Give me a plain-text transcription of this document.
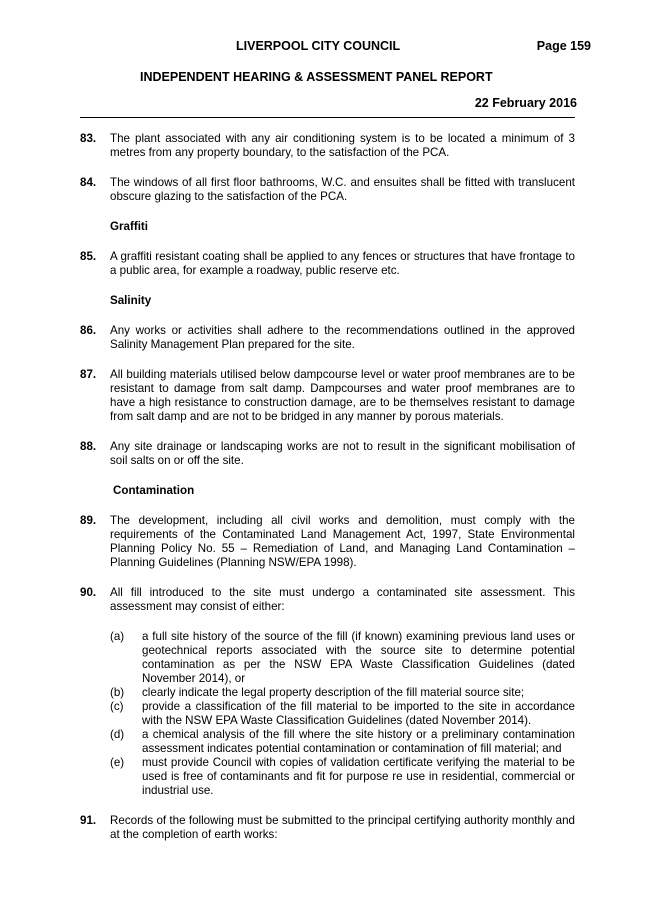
LIVERPOOL CITY COUNCIL	Page 159
INDEPENDENT HEARING & ASSESSMENT PANEL REPORT
22 February 2016
83.	The plant associated with any air conditioning system is to be located a minimum of 3 metres from any property boundary, to the satisfaction of the PCA.
84.	The windows of all first floor bathrooms, W.C. and ensuites shall be fitted with translucent obscure glazing to the satisfaction of the PCA.
Graffiti
85.	A graffiti resistant coating shall be applied to any fences or structures that have frontage to a public area, for example a roadway, public reserve etc.
Salinity
86.	Any works or activities shall adhere to the recommendations outlined in the approved Salinity Management Plan prepared for the site.
87.	All building materials utilised below dampcourse level or water proof membranes are to be resistant to damage from salt damp. Dampcourses and water proof membranes are to have a high resistance to construction damage, are to be themselves resistant to damage from salt damp and are not to be bridged in any manner by porous materials.
88.	Any site drainage or landscaping works are not to result in the significant mobilisation of soil salts on or off the site.
Contamination
89.	The development, including all civil works and demolition, must comply with the requirements of the Contaminated Land Management Act, 1997, State Environmental Planning Policy No. 55 – Remediation of Land, and Managing Land Contamination – Planning Guidelines (Planning NSW/EPA 1998).
90.	All fill introduced to the site must undergo a contaminated site assessment. This assessment may consist of either:
(a)	a full site history of the source of the fill (if known) examining previous land uses or geotechnical reports associated with the source site to determine potential contamination as per the NSW EPA Waste Classification Guidelines (dated November 2014), or
(b)	clearly indicate the legal property description of the fill material source site;
(c)	provide a classification of the fill material to be imported to the site in accordance with the NSW EPA Waste Classification Guidelines (dated November 2014).
(d)	a chemical analysis of the fill where the site history or a preliminary contamination assessment indicates potential contamination or contamination of fill material; and
(e)	must provide Council with copies of validation certificate verifying the material to be used is free of contaminants and fit for purpose re use in residential, commercial or industrial use.
91.	Records of the following must be submitted to the principal certifying authority monthly and at the completion of earth works:
